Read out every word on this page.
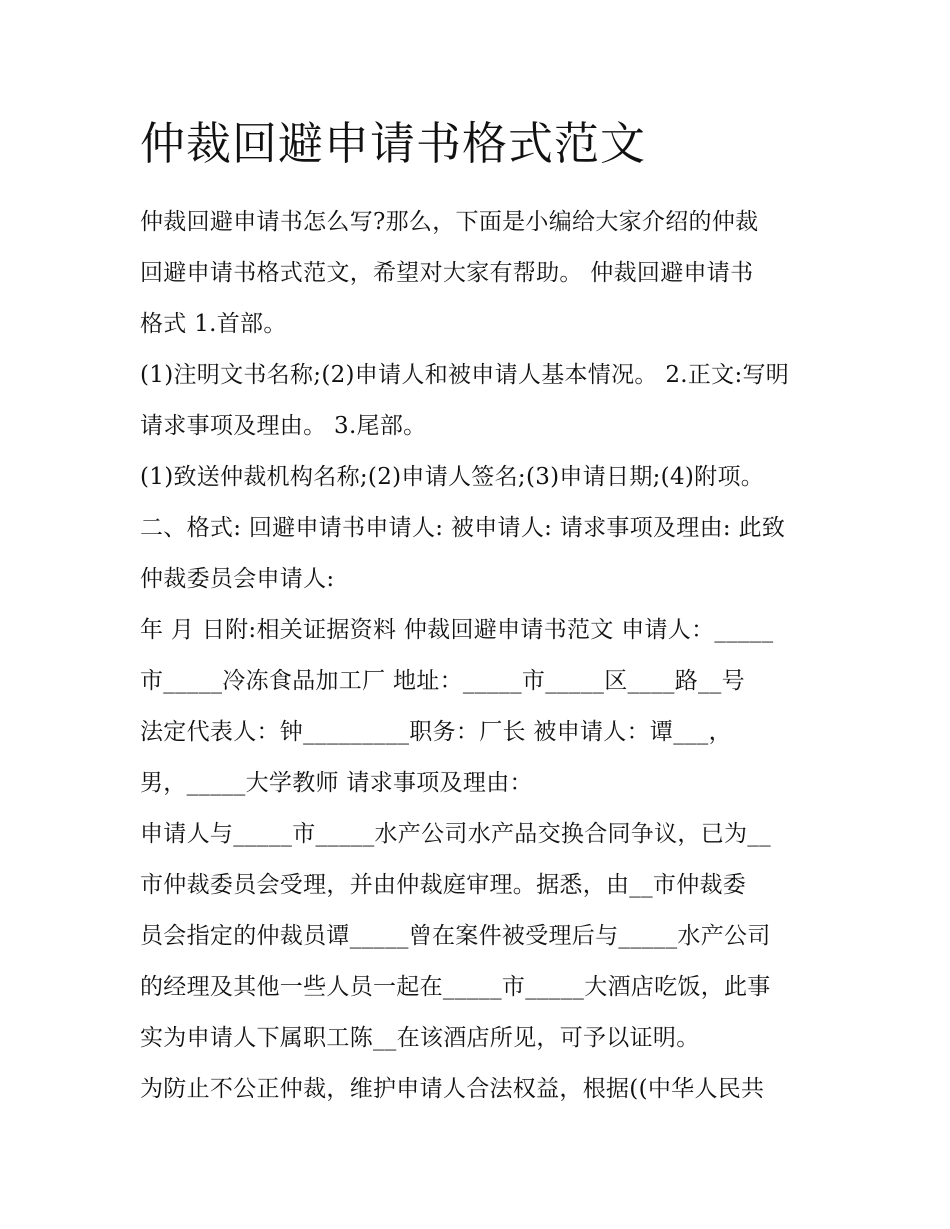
仲裁回避申请书格式范文

仲裁回避申请书怎么写?那么，下面是小编给大家介绍的仲裁

回避申请书格式范文，希望对大家有帮助。 仲裁回避申请书

格式 1.首部。

(1)注明文书名称;(2)申请人和被申请人基本情况。 2.正文:写明

请求事项及理由。 3.尾部。

(1)致送仲裁机构名称;(2)申请人签名;(3)申请日期;(4)附项。

二、格式: 回避申请书申请人: 被申请人: 请求事项及理由: 此致

仲裁委员会申请人:

年 月 日附:相关证据资料 仲裁回避申请书范文 申请人：_____

市_____冷冻食品加工厂 地址：_____市_____区____路__号

法定代表人：钟_________职务：厂长 被申请人：谭___，

男，_____大学教师 请求事项及理由：

申请人与_____市_____水产公司水产品交换合同争议，已为__

市仲裁委员会受理，并由仲裁庭审理。据悉，由__市仲裁委

员会指定的仲裁员谭_____曾在案件被受理后与_____水产公司

的经理及其他一些人员一起在_____市_____大酒店吃饭，此事

实为申请人下属职工陈__在该酒店所见，可予以证明。

为防止不公正仲裁，维护申请人合法权益，根据((中华人民共
